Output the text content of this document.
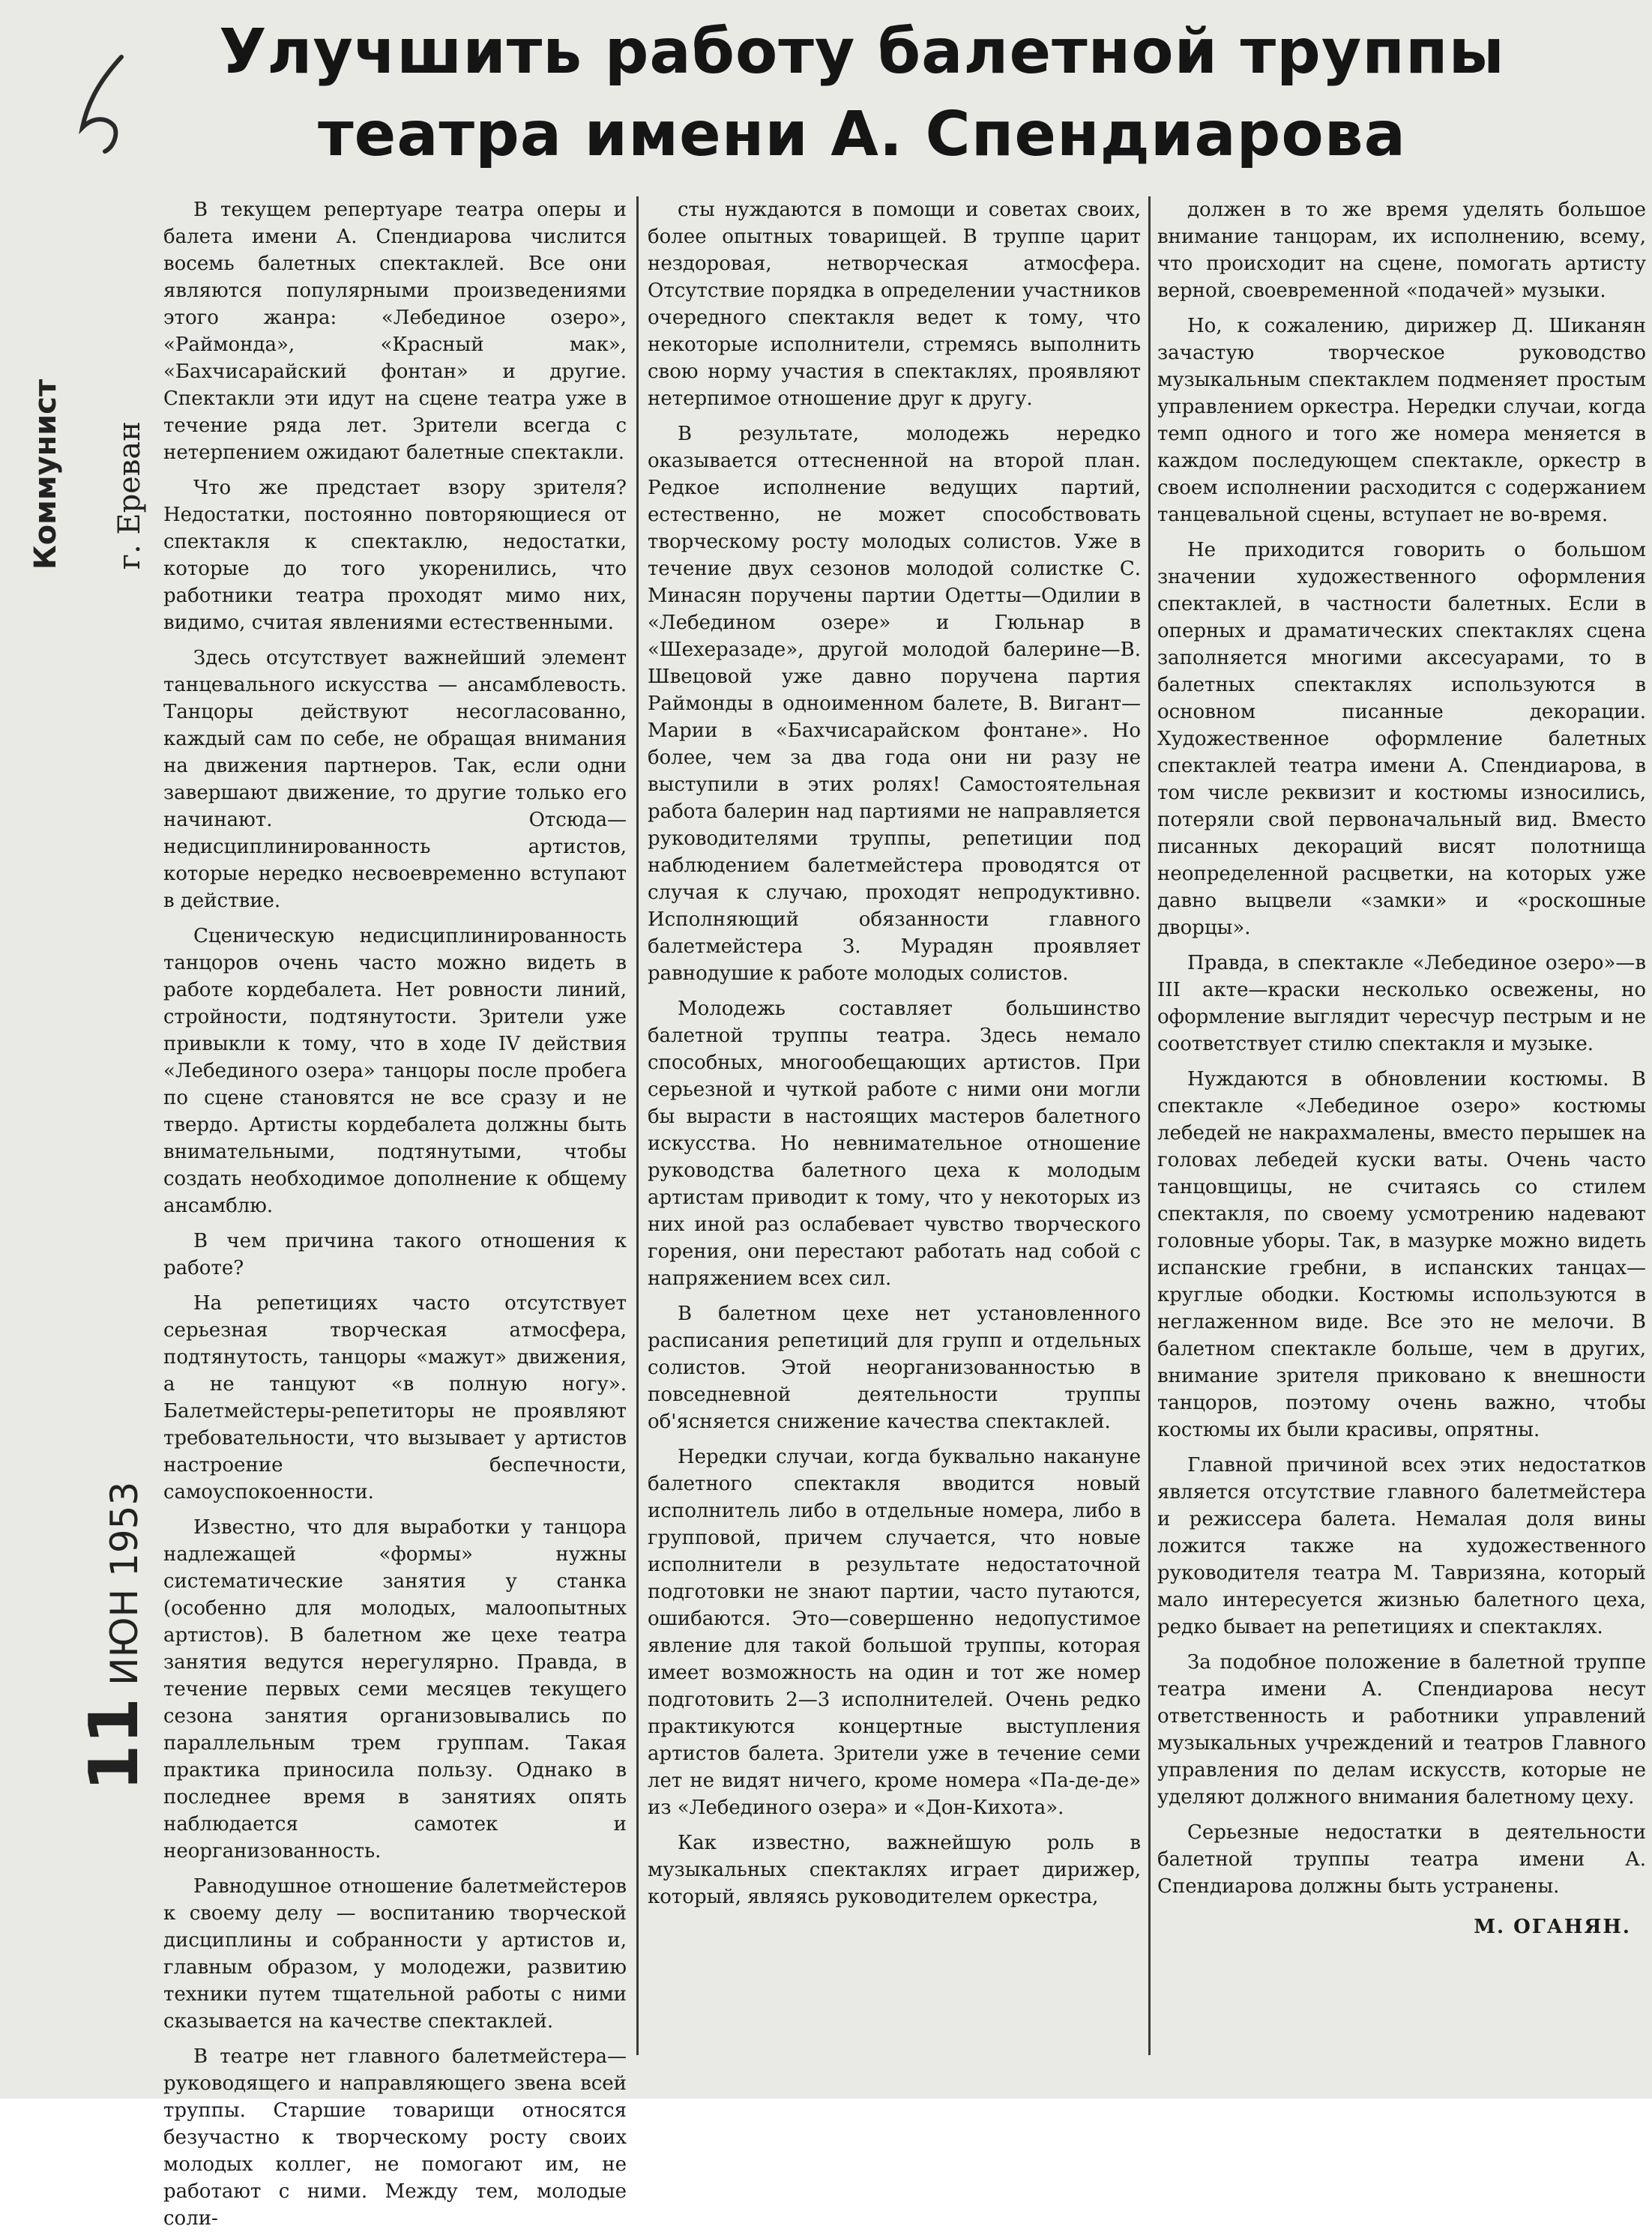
Коммунист г. Ереван
11 ИЮН 1953
Улучшить работу балетной труппы
театра имени А. Спендиарова

В текущем репертуаре театра оперы и балета имени А. Спендиарова числится восемь балетных спектаклей. Все они являются популярными произведениями этого жанра: «Лебединое озеро», «Раймонда», «Красный мак», «Бахчисарайский фонтан» и другие. Спектакли эти идут на сцене театра уже в течение ряда лет. Зрители всегда с нетерпением ожидают балетные спектакли.

Что же предстает взору зрителя? Недостатки, постоянно повторяющиеся от спектакля к спектаклю, недостатки, которые до того укоренились, что работники театра проходят мимо них, видимо, считая явлениями естественными.

Здесь отсутствует важнейший элемент танцевального искусства — ансамблевость. Танцоры действуют несогласованно, каждый сам по себе, не обращая внимания на движения партнеров. Так, если одни завершают движение, то другие только его начинают. Отсюда—недисциплинированность артистов, которые нередко несвоевременно вступают в действие.

Сценическую недисциплинированность танцоров очень часто можно видеть в работе кордебалета. Нет ровности линий, стройности, подтянутости. Зрители уже привыкли к тому, что в ходе IV действия «Лебединого озера» танцоры после пробега по сцене становятся не все сразу и не твердо. Артисты кордебалета должны быть внимательными, подтянутыми, чтобы создать необходимое дополнение к общему ансамблю.

В чем причина такого отношения к работе?

На репетициях часто отсутствует серьезная творческая атмосфера, подтянутость, танцоры «мажут» движения, а не танцуют «в полную ногу». Балетмейстеры-репетиторы не проявляют требовательности, что вызывает у артистов настроение беспечности, самоуспокоенности.

Известно, что для выработки у танцора надлежащей «формы» нужны систематические занятия у станка (особенно для молодых, малоопытных артистов). В балетном же цехе театра занятия ведутся нерегулярно. Правда, в течение первых семи месяцев текущего сезона занятия организовывались по параллельным трем группам. Такая практика приносила пользу. Однако в последнее время в занятиях опять наблюдается самотек и неорганизованность.

Равнодушное отношение балетмейстеров к своему делу — воспитанию творческой дисциплины и собранности у артистов и, главным образом, у молодежи, развитию техники путем тщательной работы с ними сказывается на качестве спектаклей.

В театре нет главного балетмейстера—руководящего и направляющего звена всей труппы. Старшие товарищи относятся безучастно к творческому росту своих молодых коллег, не помогают им, не работают с ними. Между тем, молодые соли-

сты нуждаются в помощи и советах своих, более опытных товарищей. В труппе царит нездоровая, нетворческая атмосфера. Отсутствие порядка в определении участников очередного спектакля ведет к тому, что некоторые исполнители, стремясь выполнить свою норму участия в спектаклях, проявляют нетерпимое отношение друг к другу.

В результате, молодежь нередко оказывается оттесненной на второй план. Редкое исполнение ведущих партий, естественно, не может способствовать творческому росту молодых солистов. Уже в течение двух сезонов молодой солистке С. Минасян поручены партии Одетты—Одилии в «Лебедином озере» и Гюльнар в «Шехеразаде», другой молодой балерине—В. Швецовой уже давно поручена партия Раймонды в одноименном балете, В. Вигант—Марии в «Бахчисарайском фонтане». Но более, чем за два года они ни разу не выступили в этих ролях! Самостоятельная работа балерин над партиями не направляется руководителями труппы, репетиции под наблюдением балетмейстера проводятся от случая к случаю, проходят непродуктивно. Исполняющий обязанности главного балетмейстера З. Мурадян проявляет равнодушие к работе молодых солистов.

Молодежь составляет большинство балетной труппы театра. Здесь немало способных, многообещающих артистов. При серьезной и чуткой работе с ними они могли бы вырасти в настоящих мастеров балетного искусства. Но невнимательное отношение руководства балетного цеха к молодым артистам приводит к тому, что у некоторых из них иной раз ослабевает чувство творческого горения, они перестают работать над собой с напряжением всех сил.

В балетном цехе нет установленного расписания репетиций для групп и отдельных солистов. Этой неорганизованностью в повседневной деятельности труппы об'ясняется снижение качества спектаклей.

Нередки случаи, когда буквально накануне балетного спектакля вводится новый исполнитель либо в отдельные номера, либо в групповой, причем случается, что новые исполнители в результате недостаточной подготовки не знают партии, часто путаются, ошибаются. Это—совершенно недопустимое явление для такой большой труппы, которая имеет возможность на один и тот же номер подготовить 2—3 исполнителей. Очень редко практикуются концертные выступления артистов балета. Зрители уже в течение семи лет не видят ничего, кроме номера «Па-де-де» из «Лебединого озера» и «Дон-Кихота».

Как известно, важнейшую роль в музыкальных спектаклях играет дирижер, который, являясь руководителем оркестра,

должен в то же время уделять большое внимание танцорам, их исполнению, всему, что происходит на сцене, помогать артисту верной, своевременной «подачей» музыки.

Но, к сожалению, дирижер Д. Шиканян зачастую творческое руководство музыкальным спектаклем подменяет простым управлением оркестра. Нередки случаи, когда темп одного и того же номера меняется в каждом последующем спектакле, оркестр в своем исполнении расходится с содержанием танцевальной сцены, вступает не во-время.

Не приходится говорить о большом значении художественного оформления спектаклей, в частности балетных. Если в оперных и драматических спектаклях сцена заполняется многими аксесуарами, то в балетных спектаклях используются в основном писанные декорации. Художественное оформление балетных спектаклей театра имени А. Спендиарова, в том числе реквизит и костюмы износились, потеряли свой первоначальный вид. Вместо писанных декораций висят полотнища неопределенной расцветки, на которых уже давно выцвели «замки» и «роскошные дворцы».

Правда, в спектакле «Лебединое озеро»—в III акте—краски несколько освежены, но оформление выглядит чересчур пестрым и не соответствует стилю спектакля и музыке.

Нуждаются в обновлении костюмы. В спектакле «Лебединое озеро» костюмы лебедей не накрахмалены, вместо перышек на головах лебедей куски ваты. Очень часто танцовщицы, не считаясь со стилем спектакля, по своему усмотрению надевают головные уборы. Так, в мазурке можно видеть испанские гребни, в испанских танцах—круглые ободки. Костюмы используются в неглаженном виде. Все это не мелочи. В балетном спектакле больше, чем в других, внимание зрителя приковано к внешности танцоров, поэтому очень важно, чтобы костюмы их были красивы, опрятны.

Главной причиной всех этих недостатков является отсутствие главного балетмейстера и режиссера балета. Немалая доля вины ложится также на художественного руководителя театра М. Тавризяна, который мало интересуется жизнью балетного цеха, редко бывает на репетициях и спектаклях.

За подобное положение в балетной труппе театра имени А. Спендиарова несут ответственность и работники управлений музыкальных учреждений и театров Главного управления по делам искусств, которые не уделяют должного внимания балетному цеху.

Серьезные недостатки в деятельности балетной труппы театра имени А. Спендиарова должны быть устранены.

М. ОГАНЯН.
